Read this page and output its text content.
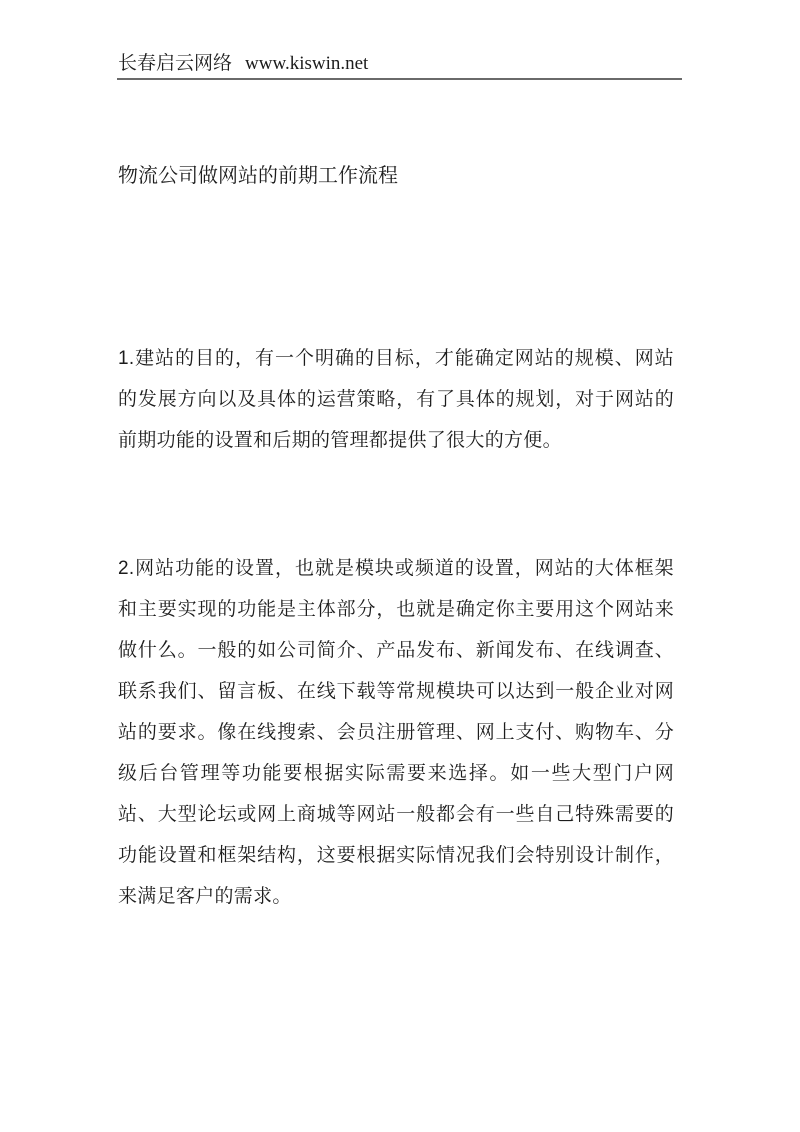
长春启云网络 www.kiswin.net
物流公司做网站的前期工作流程

1.建站的目的，有一个明确的目标，才能确定网站的规模、网站的发展方向以及具体的运营策略，有了具体的规划，对于网站的前期功能的设置和后期的管理都提供了很大的方便。

2.网站功能的设置，也就是模块或频道的设置，网站的大体框架和主要实现的功能是主体部分，也就是确定你主要用这个网站来做什么。一般的如公司简介、产品发布、新闻发布、在线调查、联系我们、留言板、在线下载等常规模块可以达到一般企业对网站的要求。像在线搜索、会员注册管理、网上支付、购物车、分级后台管理等功能要根据实际需要来选择。如一些大型门户网站、大型论坛或网上商城等网站一般都会有一些自己特殊需要的功能设置和框架结构，这要根据实际情况我们会特别设计制作，来满足客户的需求。
